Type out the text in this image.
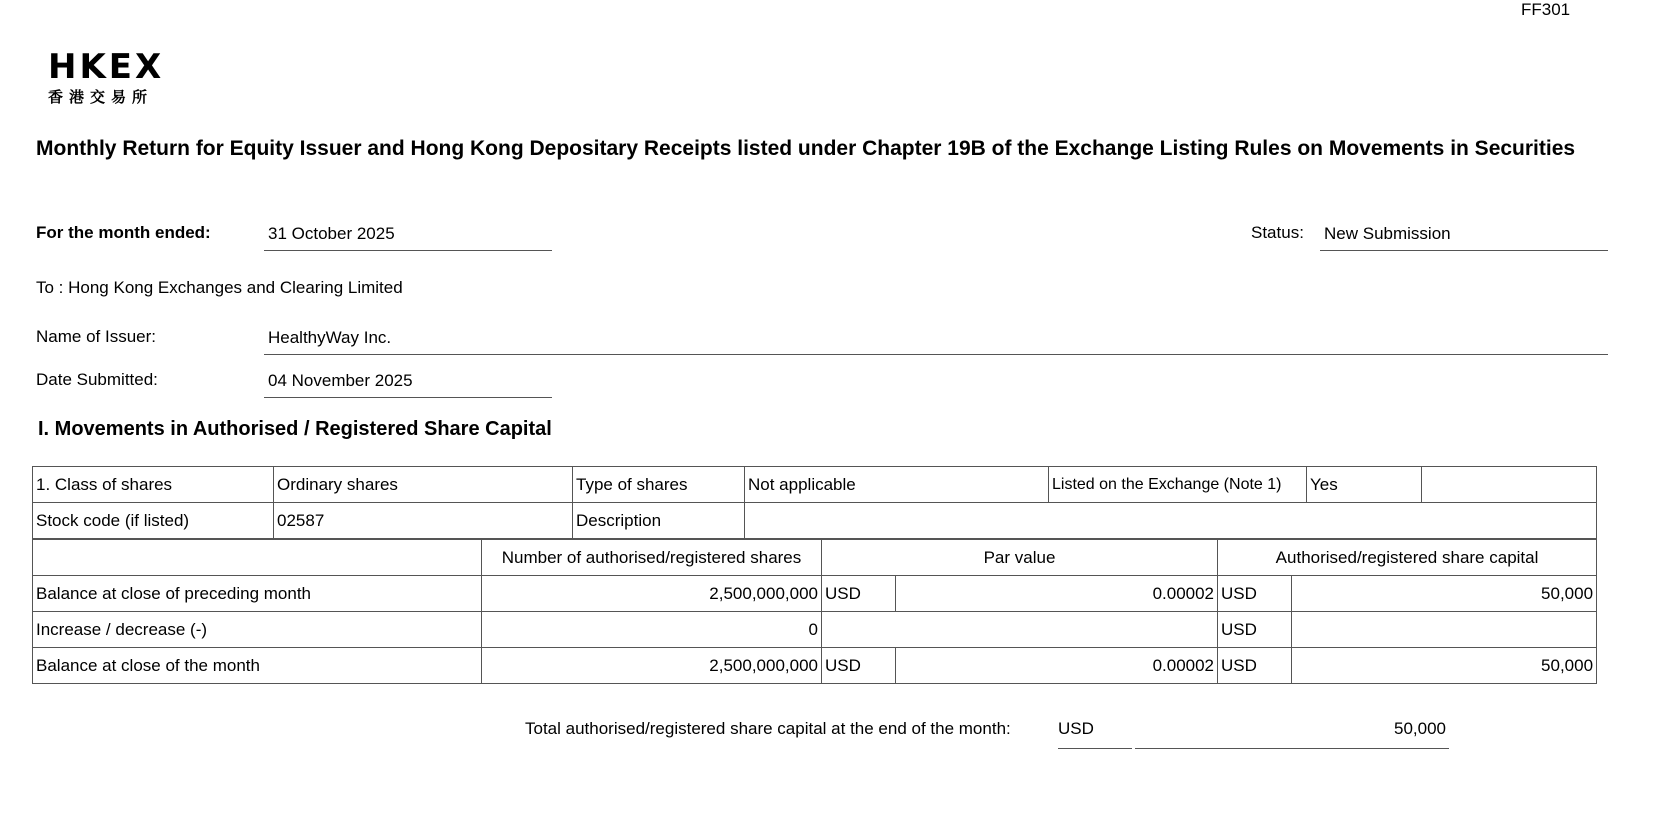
FF301
HKEX
香港交易所
Monthly Return for Equity Issuer and Hong Kong Depositary Receipts listed under Chapter 19B of the Exchange Listing Rules on Movements in Securities
For the month ended:	31 October 2025	Status: New Submission
To : Hong Kong Exchanges and Clearing Limited
Name of Issuer:	HealthyWay Inc.
Date Submitted:	04 November 2025
I. Movements in Authorised / Registered Share Capital
1. Class of shares	Ordinary shares	Type of shares	Not applicable	Listed on the Exchange (Note 1)	Yes	
Stock code (if listed)	02587	Description				
	Number of authorised/registered shares	Par value		Authorised/registered share capital	
Balance at close of preceding month	2,500,000,000	USD	0.00002	USD	50,000
Increase / decrease (-)	0			USD	
Balance at close of the month	2,500,000,000	USD	0.00002	USD	50,000
Total authorised/registered share capital at the end of the month:	USD	50,000
